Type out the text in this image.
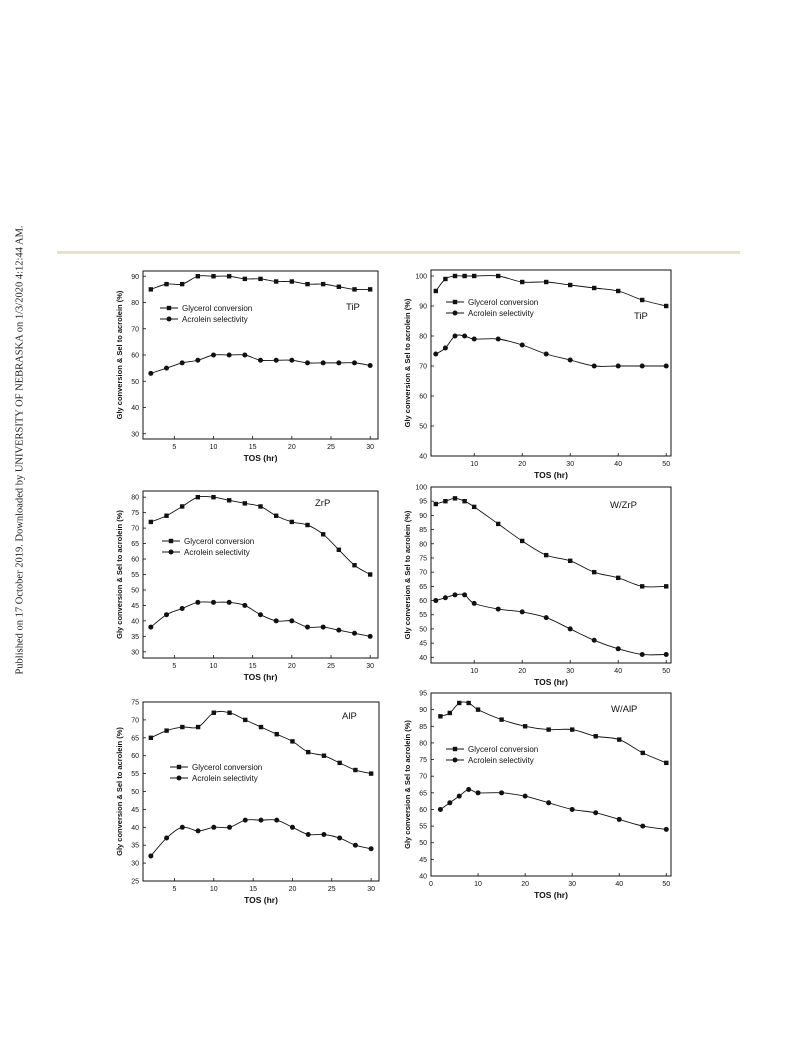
Published on 17 October 2019. Downloaded by UNIVERSITY OF NEBRASKA on 1/3/2020 4:12:44 AM.	5	10	15	20	25	30
30
40
50
60
70
80
90
TOS (hr)
Gly conversion & Sel to acrolein (%)	Glycerol conversion
Acrolein selectivity
TiP
10	20	30	40	50
40
50
60
70
80
90
100
TOS (hr)
Gly conversion & Sel to acrolein (%)	Glycerol conversion
Acrolein selectivity	TiP
5	10	15	20	25	30
30
35
40
45
50
55
60
65
70
75
80
TOS (hr)
Gly conversion & Sel to acrolein (%)	Glycerol conversion
Acrolein selectivity
ZrP
10	20	30	40	50
40
45
50
55
60
65
70
75
80
85
90
95
100
TOS (hr)
Gly conversion & Sel to acrolein (%)
W/ZrP
5	10	15	20	25	30
25
30
35
40
45
50
55
60
65
70
75
TOS (hr)
Gly conversion & Sel to acrolein (%)	Glycerol conversion
Acrolein selectivity
AlP
0	10	20	30	40	50
40
45
50
55
60
65
70
75
80
85
90
95
TOS (hr)
Gly conversion & Sel to acrolein (%)	Glycerol conversion
Acrolein selectivity
W/AlP
